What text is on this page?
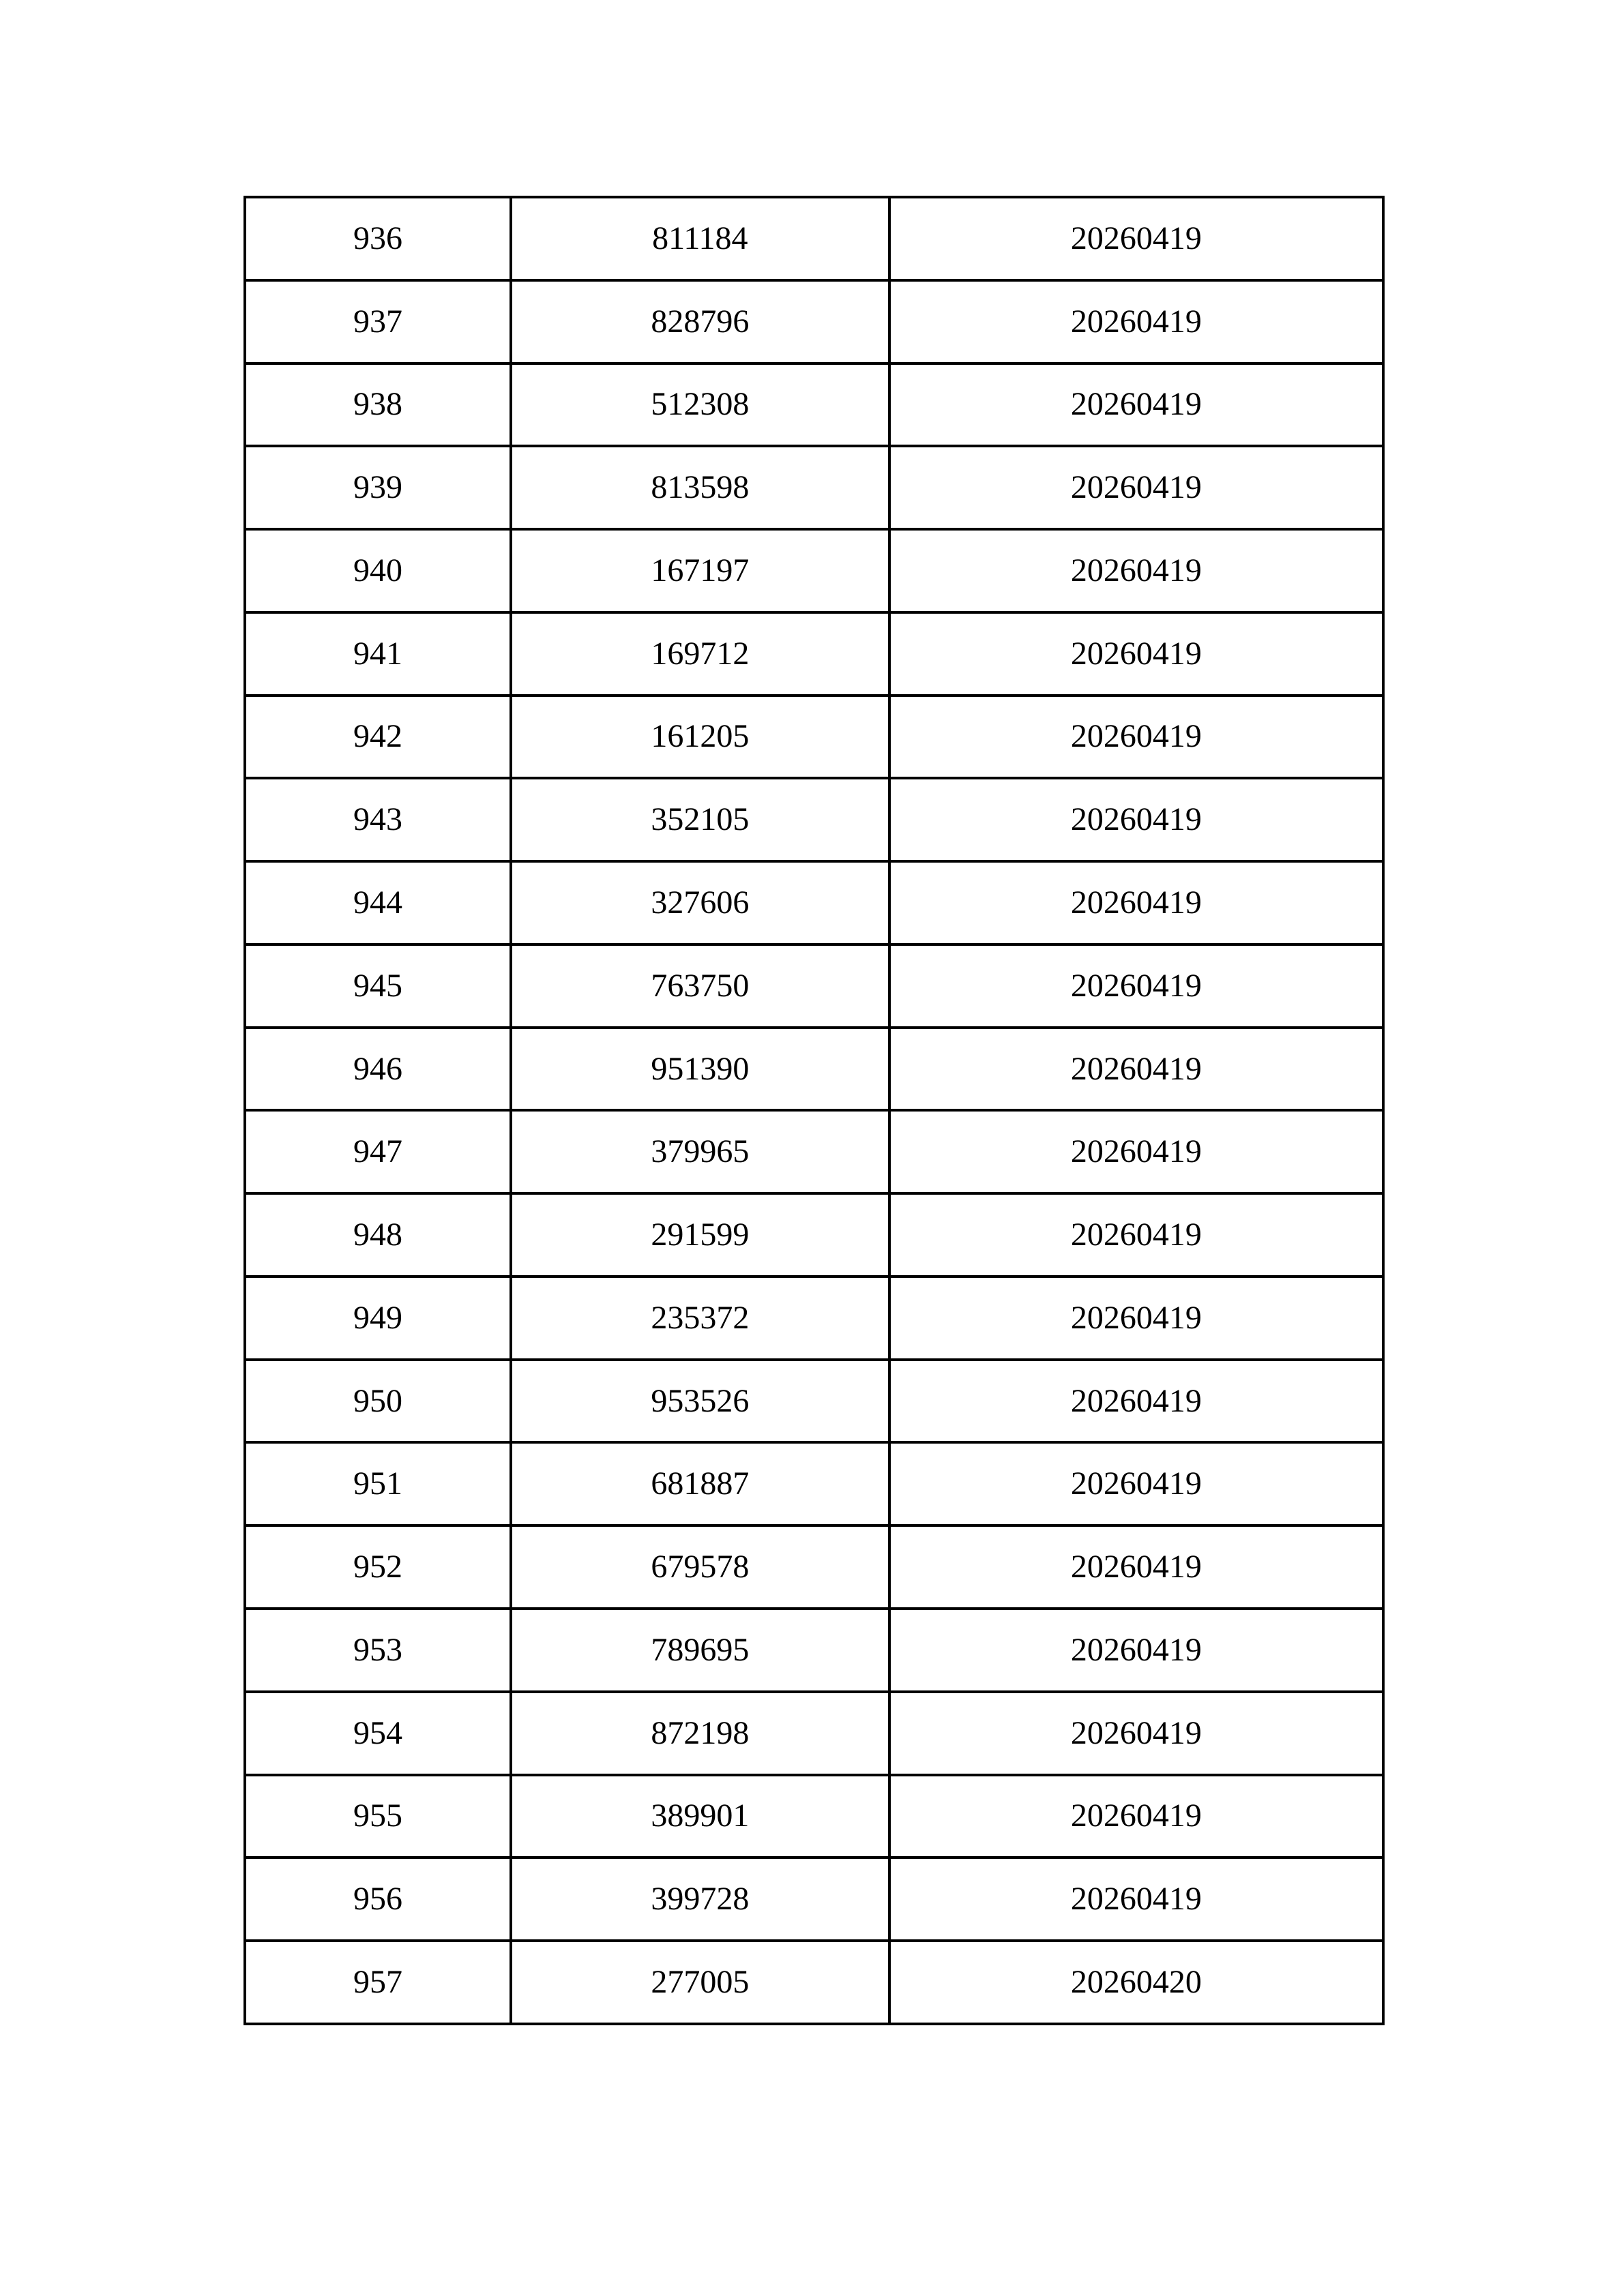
936	811184	20260419
937	828796	20260419
938	512308	20260419
939	813598	20260419
940	167197	20260419
941	169712	20260419
942	161205	20260419
943	352105	20260419
944	327606	20260419
945	763750	20260419
946	951390	20260419
947	379965	20260419
948	291599	20260419
949	235372	20260419
950	953526	20260419
951	681887	20260419
952	679578	20260419
953	789695	20260419
954	872198	20260419
955	389901	20260419
956	399728	20260419
957	277005	20260420
